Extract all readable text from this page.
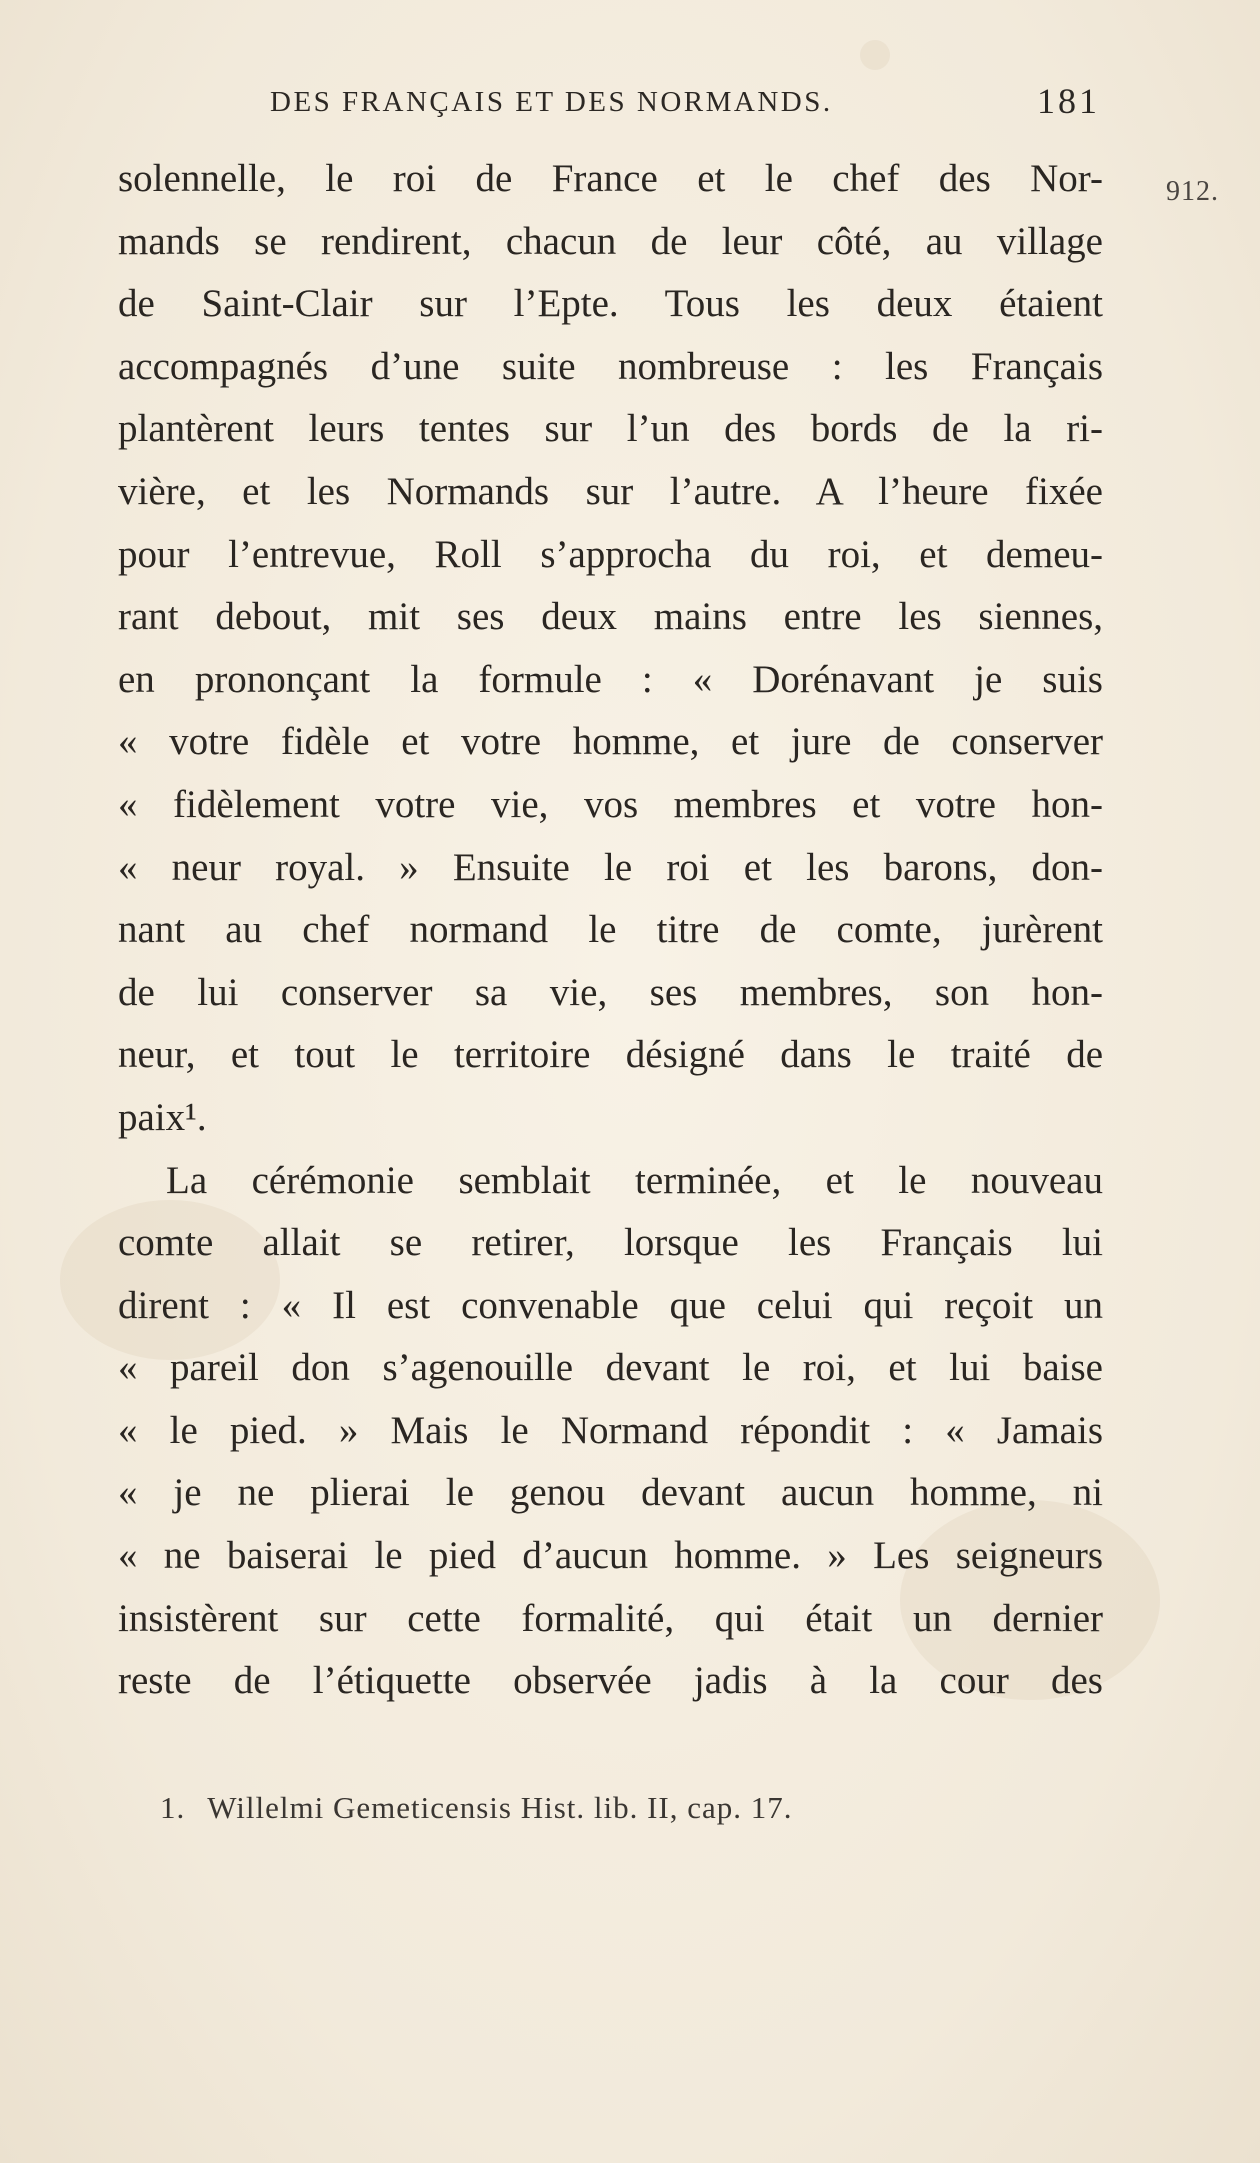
DES FRANÇAIS ET DES NORMANDS.	181
912.
solennelle, le roi de France et le chef des Nor-
mands se rendirent, chacun de leur côté, au village
de Saint-Clair sur l’Epte. Tous les deux étaient
accompagnés d’une suite nombreuse : les Français
plantèrent leurs tentes sur l’un des bords de la ri-
vière, et les Normands sur l’autre. A l’heure fixée
pour l’entrevue, Roll s’approcha du roi, et demeu-
rant debout, mit ses deux mains entre les siennes,
en prononçant la formule : « Dorénavant je suis
« votre fidèle et votre homme, et jure de conserver
« fidèlement votre vie, vos membres et votre hon-
« neur royal. » Ensuite le roi et les barons, don-
nant au chef normand le titre de comte, jurèrent
de lui conserver sa vie, ses membres, son hon-
neur, et tout le territoire désigné dans le traité de
paix¹.
La cérémonie semblait terminée, et le nouveau
comte allait se retirer, lorsque les Français lui
dirent : « Il est convenable que celui qui reçoit un
« pareil don s’agenouille devant le roi, et lui baise
« le pied. » Mais le Normand répondit : « Jamais
« je ne plierai le genou devant aucun homme, ni
« ne baiserai le pied d’aucun homme. » Les seigneurs
insistèrent sur cette formalité, qui était un dernier
reste de l’étiquette observée jadis à la cour des
1. Willelmi Gemeticensis Hist. lib. II, cap. 17.
